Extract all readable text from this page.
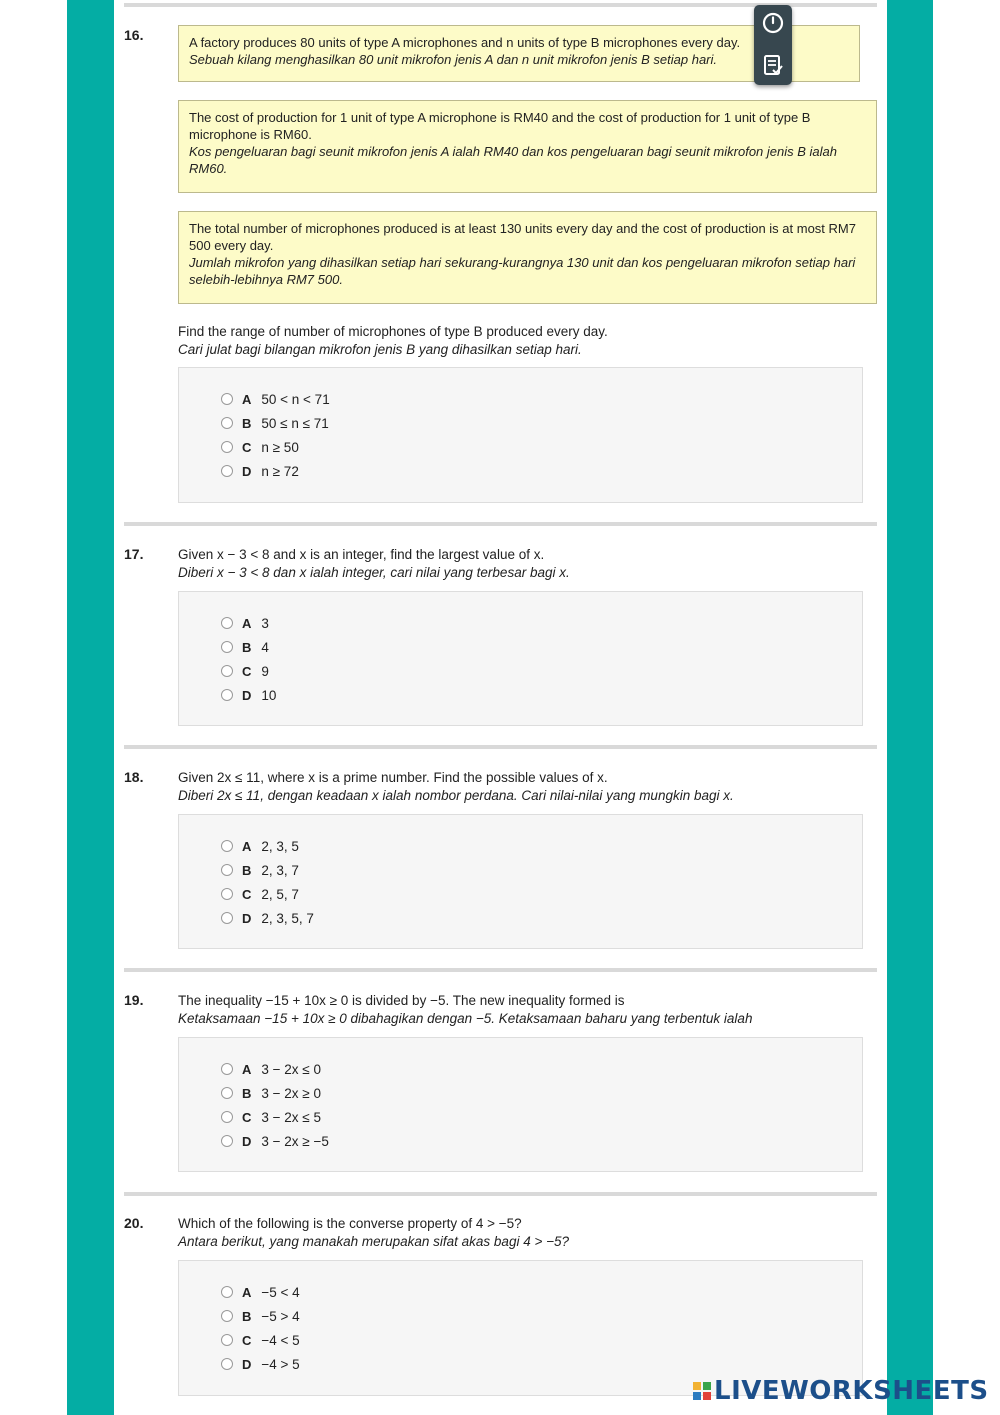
16.	A factory produces 80 units of type A microphones and n units of type B microphones every day.
Sebuah kilang menghasilkan 80 unit mikrofon jenis A dan n unit mikrofon jenis B setiap hari.
The cost of production for 1 unit of type A microphone is RM40 and the cost of production for 1 unit of type B microphone is RM60.
Kos pengeluaran bagi seunit mikrofon jenis A ialah RM40 dan kos pengeluaran bagi seunit mikrofon jenis B ialah RM60.
The total number of microphones produced is at least 130 units every day and the cost of production is at most RM7 500 every day.
Jumlah mikrofon yang dihasilkan setiap hari sekurang-kurangnya 130 unit dan kos pengeluaran mikrofon setiap hari selebih-lebihnya RM7 500.
Find the range of number of microphones of type B produced every day.
Cari julat bagi bilangan mikrofon jenis B yang dihasilkan setiap hari.
A 50 < n < 71
B 50 ≤ n ≤ 71
C n ≥ 50
D n ≥ 72
17.	Given x − 3 < 8 and x is an integer, find the largest value of x.
Diberi x − 3 < 8 dan x ialah integer, cari nilai yang terbesar bagi x.
A 3
B 4
C 9
D 10
18.	Given 2x ≤ 11, where x is a prime number. Find the possible values of x.
Diberi 2x ≤ 11, dengan keadaan x ialah nombor perdana. Cari nilai-nilai yang mungkin bagi x.
A 2, 3, 5
B 2, 3, 7
C 2, 5, 7
D 2, 3, 5, 7
19.	The inequality −15 + 10x ≥ 0 is divided by −5. The new inequality formed is
Ketaksamaan −15 + 10x ≥ 0 dibahagikan dengan −5. Ketaksamaan baharu yang terbentuk ialah
A 3 − 2x ≤ 0
B 3 − 2x ≥ 0
C 3 − 2x ≤ 5
D 3 − 2x ≥ −5
20.	Which of the following is the converse property of 4 > −5?
Antara berikut, yang manakah merupakan sifat akas bagi 4 > −5?
A −5 < 4
B −5 > 4
C −4 < 5
D −4 > 5
LIVEWORKSHEETS
